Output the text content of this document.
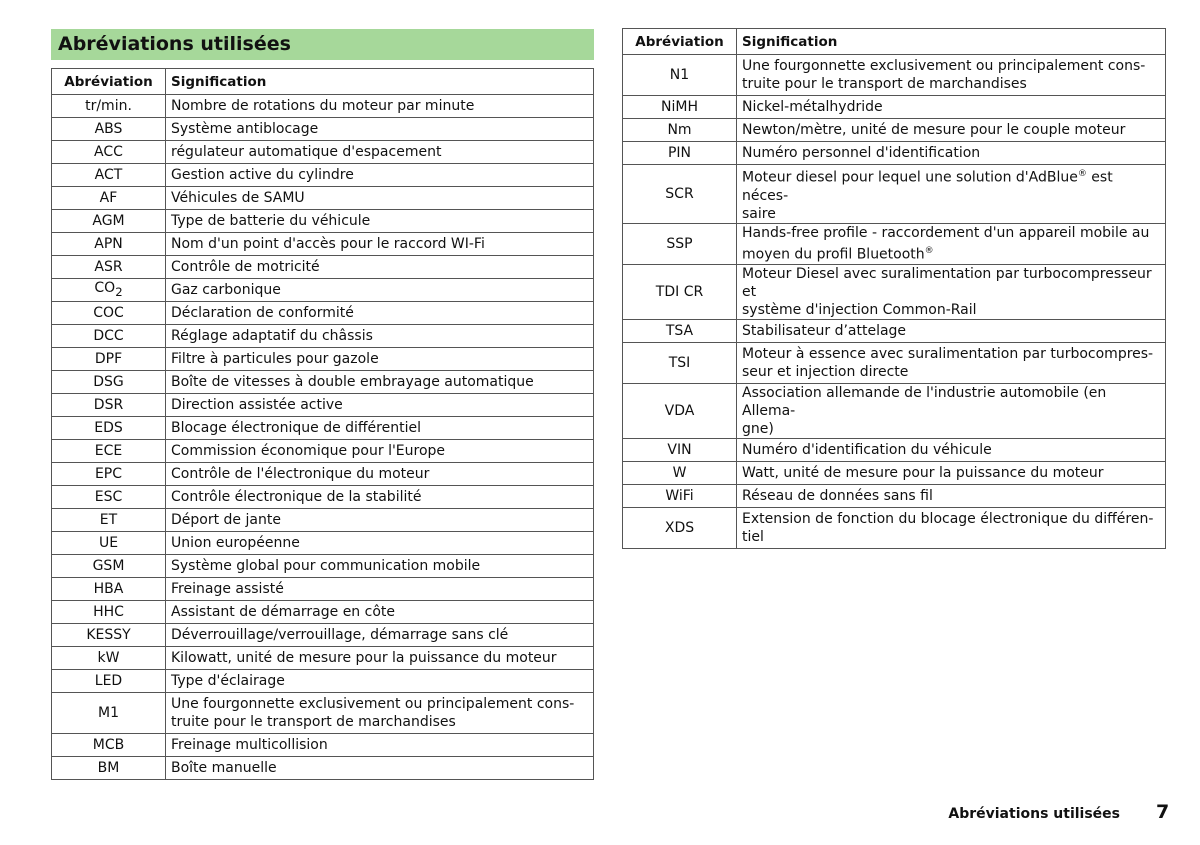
Abréviations utilisées
Abréviation	Signification
tr/min.	Nombre de rotations du moteur par minute
ABS	Système antiblocage
ACC	régulateur automatique d'espacement
ACT	Gestion active du cylindre
AF	Véhicules de SAMU
AGM	Type de batterie du véhicule
APN	Nom d'un point d'accès pour le raccord WI-Fi
ASR	Contrôle de motricité
$CO_2$	Gaz carbonique
COC	Déclaration de conformité
DCC	Réglage adaptatif du châssis
DPF	Filtre à particules pour gazole
DSG	Boîte de vitesses à double embrayage automatique
DSR	Direction assistée active
EDS	Blocage électronique de différentiel
ECE	Commission économique pour l'Europe
EPC	Contrôle de l'électronique du moteur
ESC	Contrôle électronique de la stabilité
ET	Déport de jante
UE	Union européenne
GSM	Système global pour communication mobile
HBA	Freinage assisté
HHC	Assistant de démarrage en côte
KESSY	Déverrouillage/verrouillage, démarrage sans clé
kW	Kilowatt, unité de mesure pour la puissance du moteur
LED	Type d'éclairage
M1	Une fourgonnette exclusivement ou principalement cons-
truite pour le transport de marchandises
MCB	Freinage multicollision
BM	Boîte manuelle
Abréviation	Signification
N1	Une fourgonnette exclusivement ou principalement cons-
truite pour le transport de marchandises
NiMH	Nickel-métalhydride
Nm	Newton/mètre, unité de mesure pour le couple moteur
PIN	Numéro personnel d'identification
SCR	Moteur diesel pour lequel une solution d'AdBlue® est néces-
saire
SSP	Hands-free profile - raccordement d'un appareil mobile au
moyen du profil Bluetooth®
TDI CR	Moteur Diesel avec suralimentation par turbocompresseur et
système d'injection Common-Rail
TSA	Stabilisateur d’attelage
TSI	Moteur à essence avec suralimentation par turbocompres-
seur et injection directe
VDA	Association allemande de l'industrie automobile (en Allema-
gne)
VIN	Numéro d'identification du véhicule
W	Watt, unité de mesure pour la puissance du moteur
WiFi	Réseau de données sans fil
XDS	Extension de fonction du blocage électronique du différen-
tiel
Abréviations utilisées 7
